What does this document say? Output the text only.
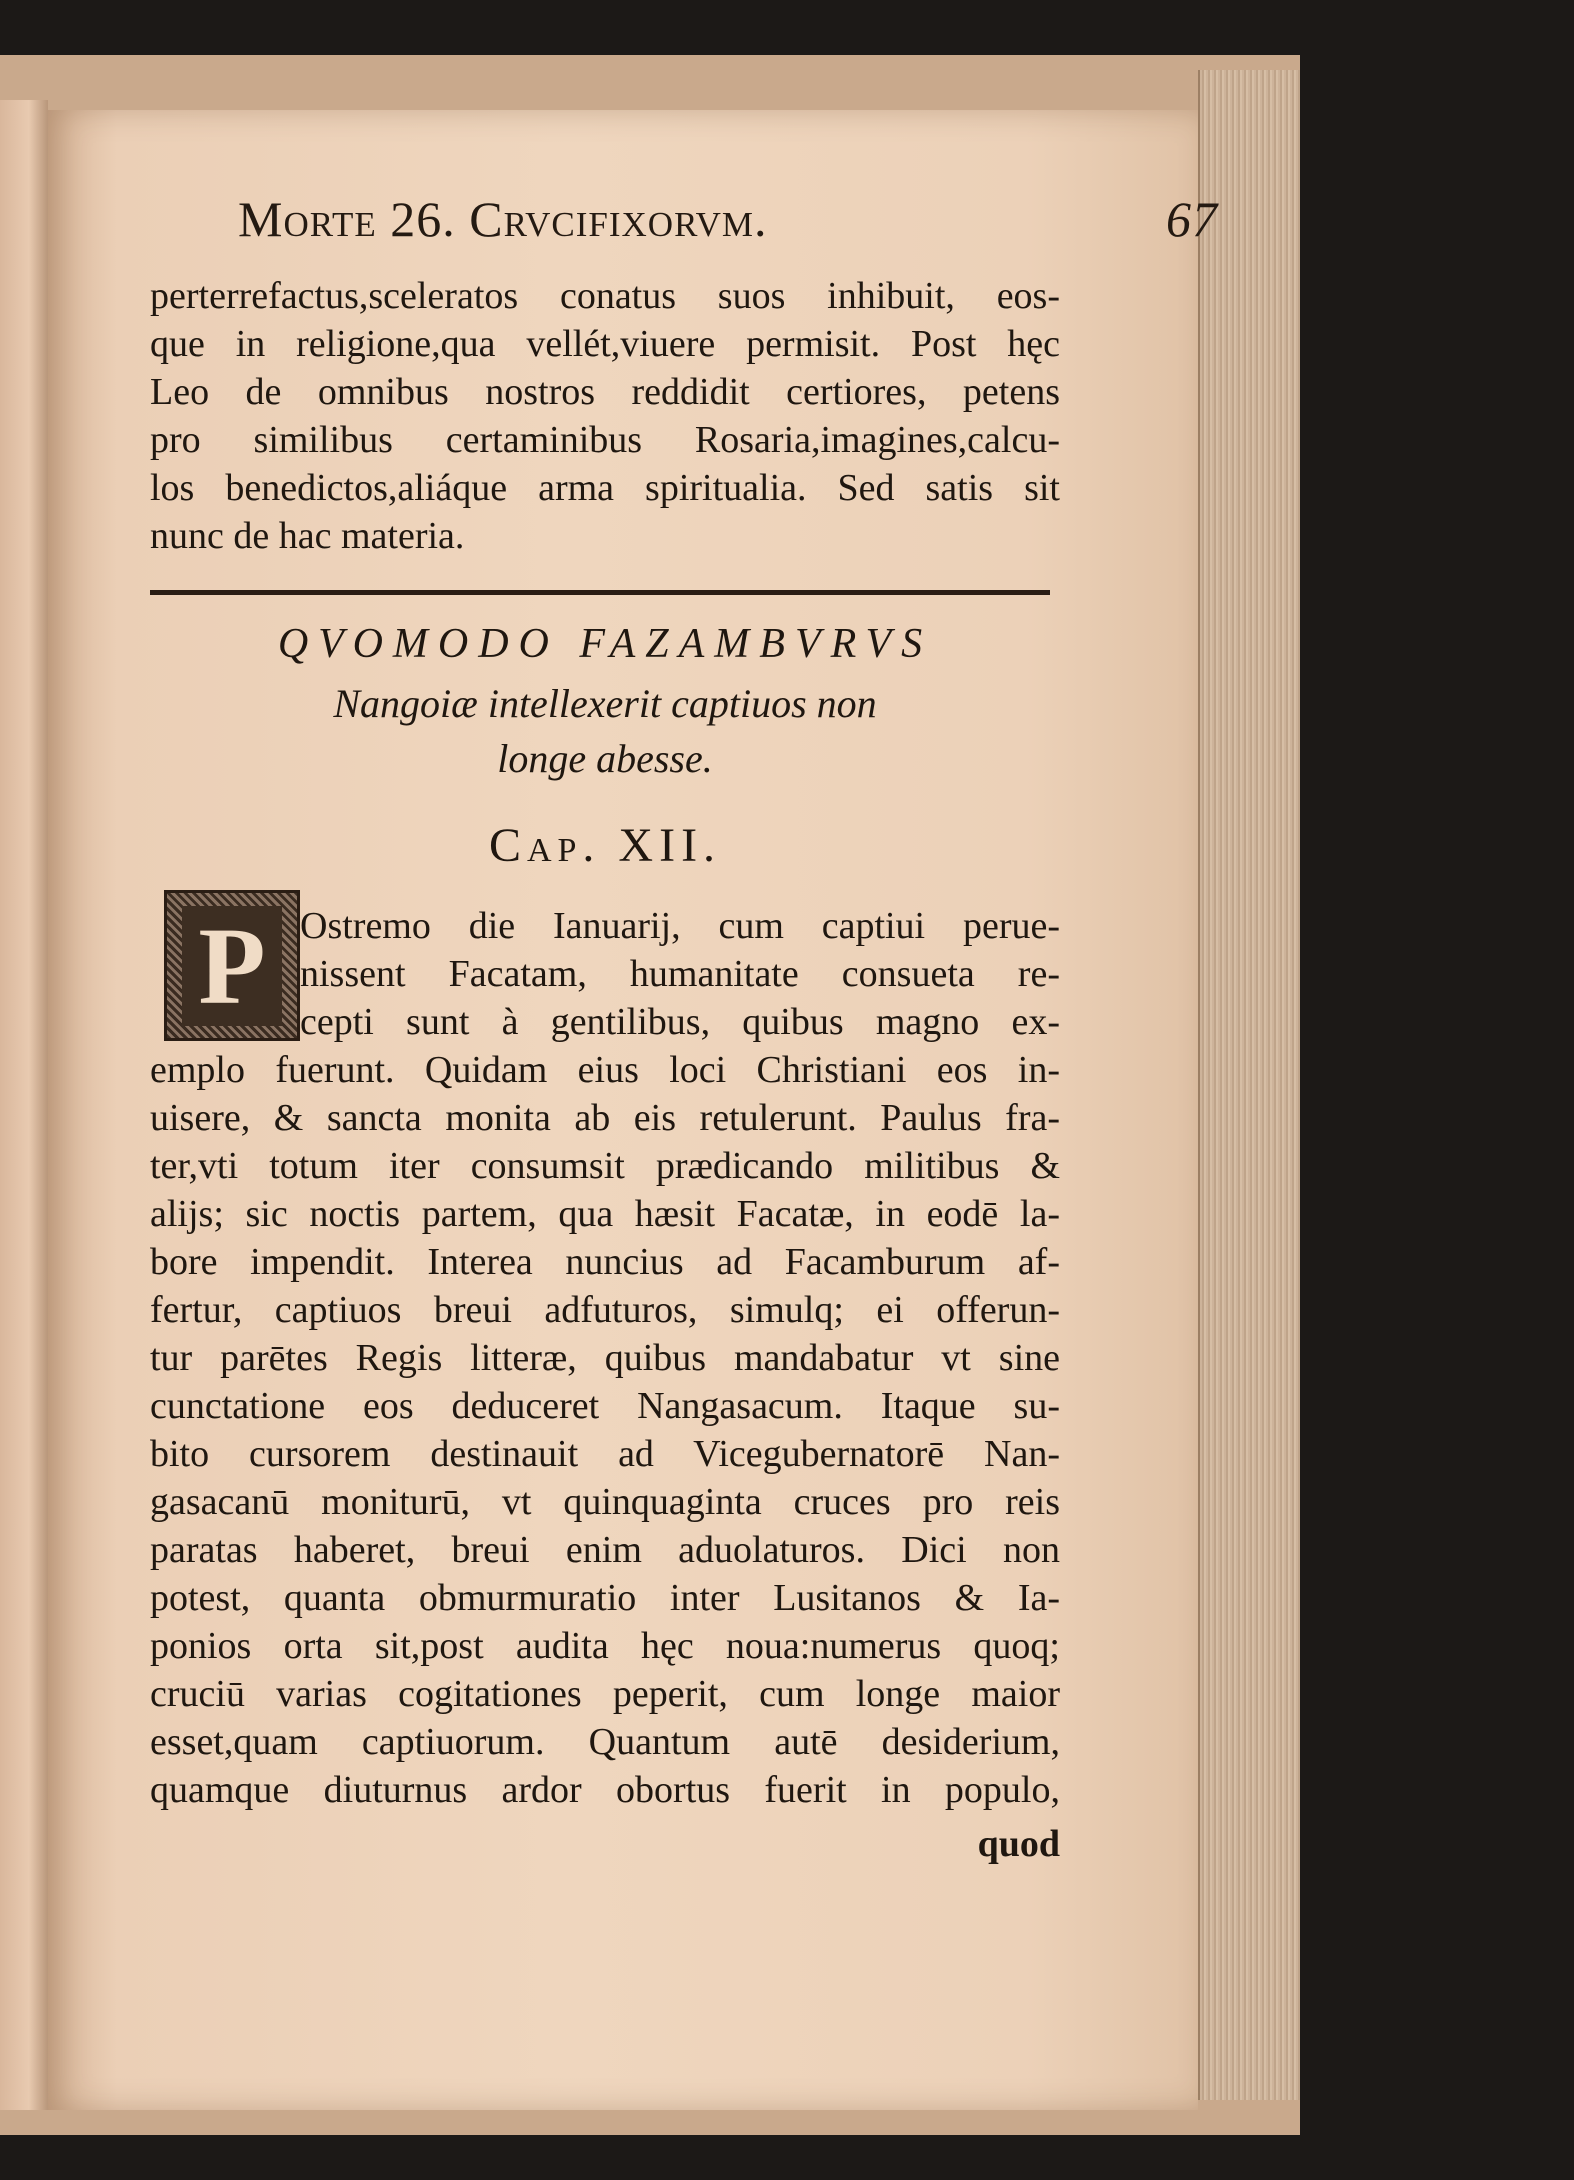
Morte 26. Crvcifixorvm.	67
perterrefactus,sceleratos conatus suos inhibuit, eos-
que in religione,qua vellét,viuere permisit. Post hęc
Leo de omnibus nostros reddidit certiores, petens
pro similibus certaminibus Rosaria,imagines,calcu-
los benedictos,aliáque arma spiritualia. Sed satis sit
nunc de hac materia.
QVOMODO FAZAMBVRVS
Nangoiæ intellexerit captiuos non
longe abesse.
Cap. XII.
P Ostremo die Ianuarij, cum captiui perue-
nissent Facatam, humanitate consueta re-
cepti sunt à gentilibus, quibus magno ex-
emplo fuerunt. Quidam eius loci Christiani eos in-
uisere, & sancta monita ab eis retulerunt. Paulus fra-
ter,vti totum iter consumsit prædicando militibus &
alijs; sic noctis partem, qua hæsit Facatæ, in eodē la-
bore impendit. Interea nuncius ad Facamburum af-
fertur, captiuos breui adfuturos, simulq; ei offerun-
tur parētes Regis litteræ, quibus mandabatur vt sine
cunctatione eos deduceret Nangasacum. Itaque su-
bito cursorem destinauit ad Vicegubernatorē Nan-
gasacanū moniturū, vt quinquaginta cruces pro reis
paratas haberet, breui enim aduolaturos. Dici non
potest, quanta obmurmuratio inter Lusitanos & Ia-
ponios orta sit,post audita hęc noua:numerus quoq;
cruciū varias cogitationes peperit, cum longe maior
esset,quam captiuorum. Quantum autē desiderium,
quamque diuturnus ardor obortus fuerit in populo,
quod
